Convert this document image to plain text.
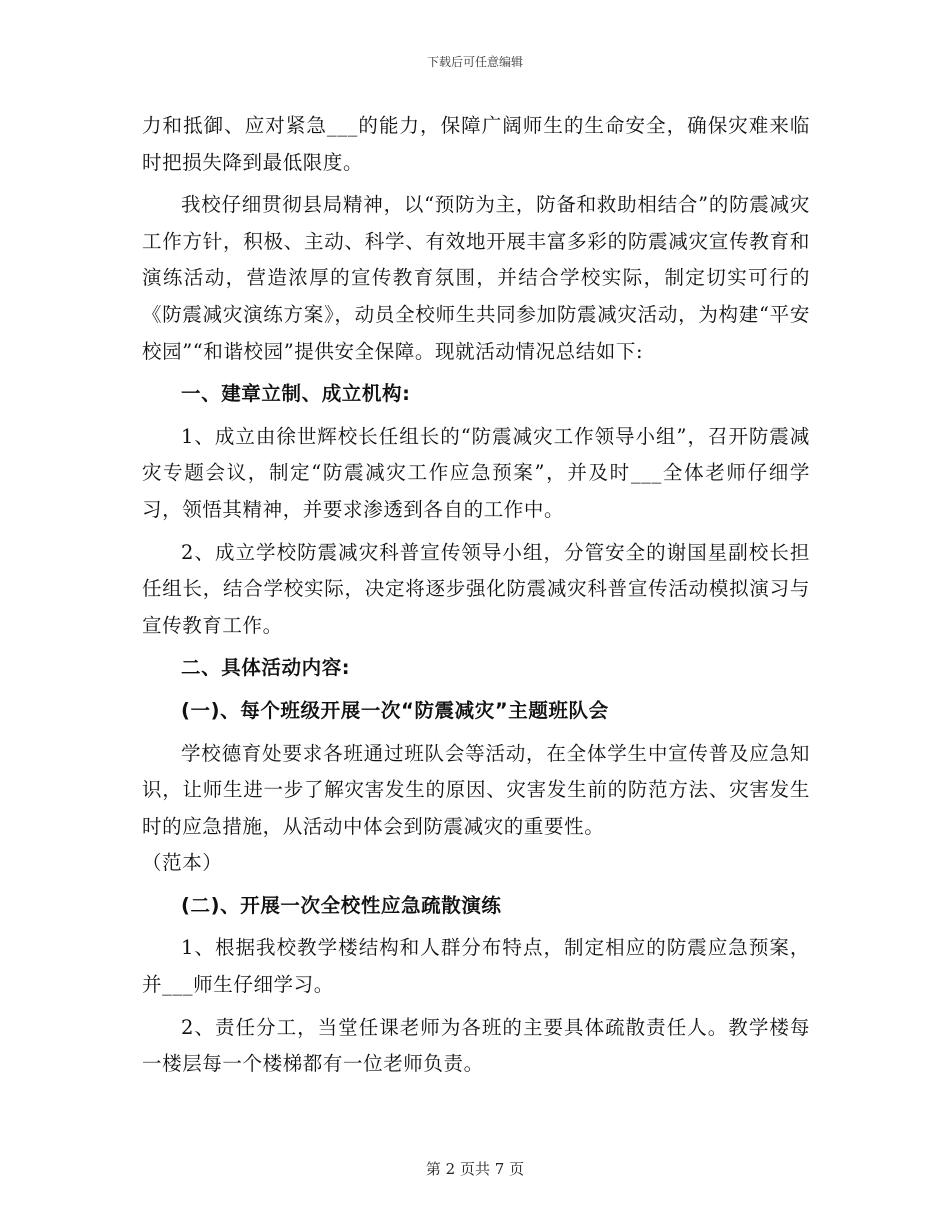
下载后可任意编辑

力和抵御、应对紧急___的能力，保障广阔师生的生命安全，确保灾难来临时把损失降到最低限度。

我校仔细贯彻县局精神，以“预防为主，防备和救助相结合”的防震减灾工作方针，积极、主动、科学、有效地开展丰富多彩的防震减灾宣传教育和演练活动，营造浓厚的宣传教育氛围，并结合学校实际，制定切实可行的《防震减灾演练方案》，动员全校师生共同参加防震减灾活动，为构建“平安校园”“和谐校园”提供安全保障。现就活动情况总结如下:

一、建章立制、成立机构:

1、成立由徐世辉校长任组长的“防震减灾工作领导小组”，召开防震减灾专题会议，制定“防震减灾工作应急预案”，并及时___全体老师仔细学习，领悟其精神，并要求渗透到各自的工作中。

2、成立学校防震减灾科普宣传领导小组，分管安全的谢国星副校长担任组长，结合学校实际，决定将逐步强化防震减灾科普宣传活动模拟演习与宣传教育工作。

二、具体活动内容:

(一)、每个班级开展一次“防震减灾”主题班队会

学校德育处要求各班通过班队会等活动，在全体学生中宣传普及应急知识，让师生进一步了解灾害发生的原因、灾害发生前的防范方法、灾害发生时的应急措施，从活动中体会到防震减灾的重要性。

（范本）

(二)、开展一次全校性应急疏散演练

1、根据我校教学楼结构和人群分布特点，制定相应的防震应急预案，并___师生仔细学习。

2、责任分工，当堂任课老师为各班的主要具体疏散责任人。教学楼每一楼层每一个楼梯都有一位老师负责。

第 2 页共 7 页
